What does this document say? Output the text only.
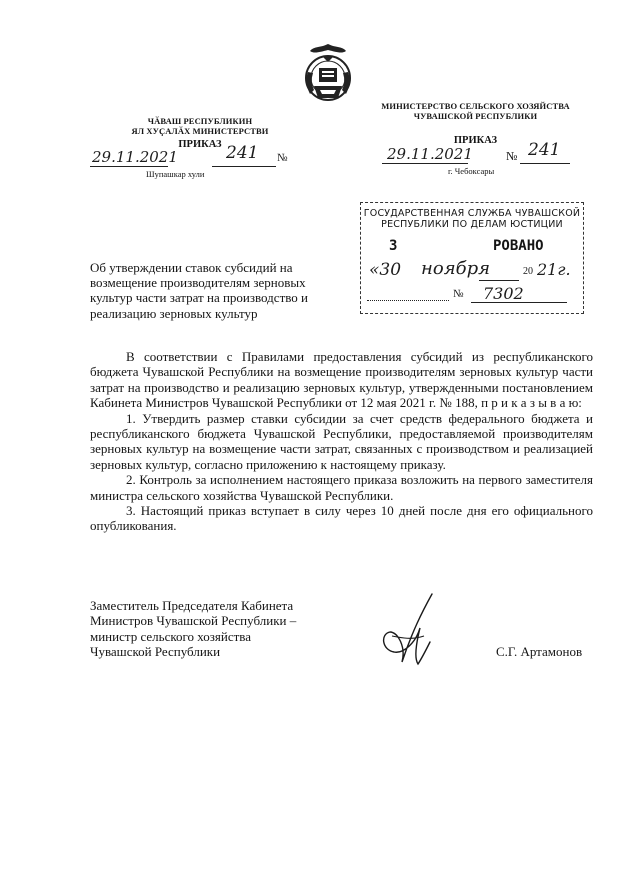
ЧӐВАШ РЕСПУБЛИКИН
ЯЛ ХУҪАЛӐХ МИНИСТЕРСТВИ
ПРИКАЗ
29.11.2021	241 №
Шупашкар хули
МИНИСТЕРСТВО СЕЛЬСКОГО ХОЗЯЙСТВА
ЧУВАШСКОЙ РЕСПУБЛИКИ
ПРИКАЗ
29.11.2021	№ 241
г. Чебоксары
ГОСУДАРСТВЕННАЯ СЛУЖБА ЧУВАШСКОЙ
РЕСПУБЛИКИ ПО ДЕЛАМ ЮСТИЦИИ
З	РОВАНО
«30 ноября	20 21г.
№ 7302
Об утверждении ставок субсидий на
возмещение производителям зерновых
культур части затрат на производство и
реализацию зерновых культур

В соответствии с Правилами предоставления субсидий из республиканского бюджета Чувашской Республики на возмещение производителям зерновых культур части затрат на производство и реализацию зерновых культур, утвержденными постановлением Кабинета Министров Чувашской Республики от 12 мая 2021 г. № 188, п р и к а з ы в а ю:

1. Утвердить размер ставки субсидии за счет средств федерального бюджета и республиканского бюджета Чувашской Республики, предоставляемой производителям зерновых культур на возмещение части затрат, связанных с производством и реализацией зерновых культур, согласно приложению к настоящему приказу.

2. Контроль за исполнением настоящего приказа возложить на первого заместителя министра сельского хозяйства Чувашской Республики.

3. Настоящий приказ вступает в силу через 10 дней после дня его официального опубликования.

Заместитель Председателя Кабинета
Министров Чувашской Республики –
министр сельского хозяйства
Чувашской Республики	С.Г. Артамонов
